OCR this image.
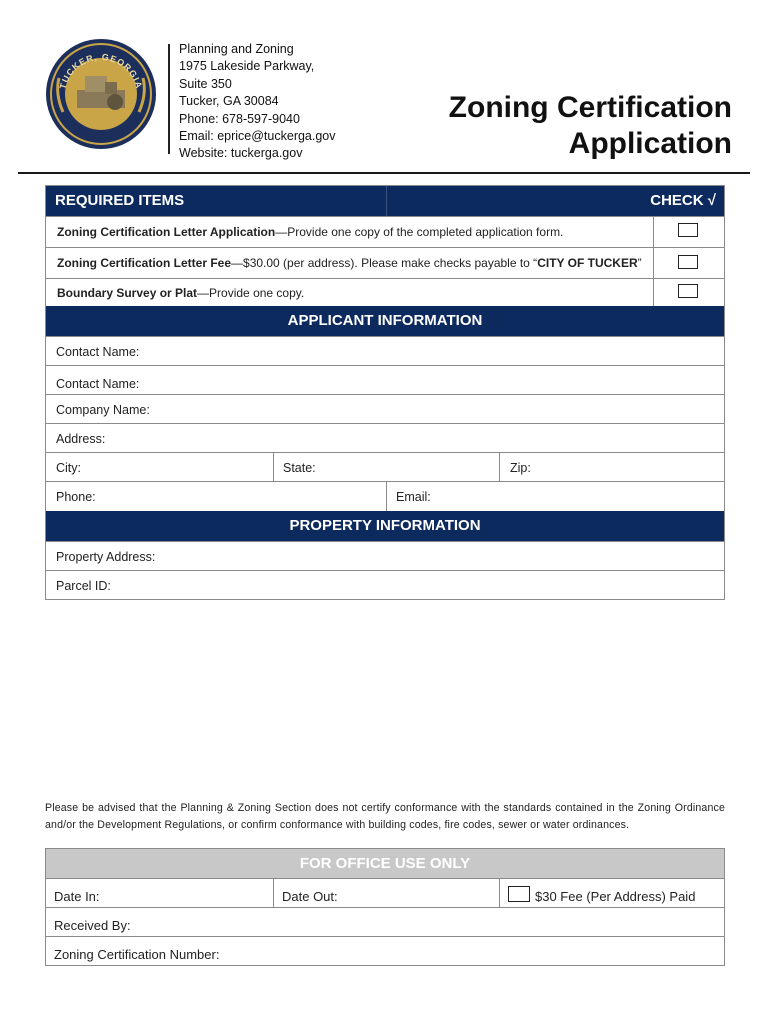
TUCKER, GEORGIA
Planning and Zoning
1975 Lakeside Parkway,
Suite 350
Tucker, GA 30084
Phone: 678-597-9040
Email: eprice@tuckerga.gov
Website: tuckerga.gov
Zoning Certification
Application
REQUIRED ITEMS	CHECK √
Zoning Certification Letter Application—Provide one copy of the completed application form.
Zoning Certification Letter Fee—$30.00 (per address). Please make checks payable to “CITY OF TUCKER”
Boundary Survey or Plat—Provide one copy.
APPLICANT INFORMATION
Contact Name:
Contact Name:
Company Name:
Address:
City:	State:	Zip:
Phone:	Email:
PROPERTY INFORMATION
Property Address:
Parcel ID:
Please be advised that the Planning & Zoning Section does not certify conformance with the standards contained in the Zoning Ordinance and/or the Development Regulations, or confirm conformance with building codes, fire codes, sewer or water ordinances.
FOR OFFICE USE ONLY
Date In:	Date Out:	$30 Fee (Per Address) Paid
Received By:
Zoning Certification Number:
